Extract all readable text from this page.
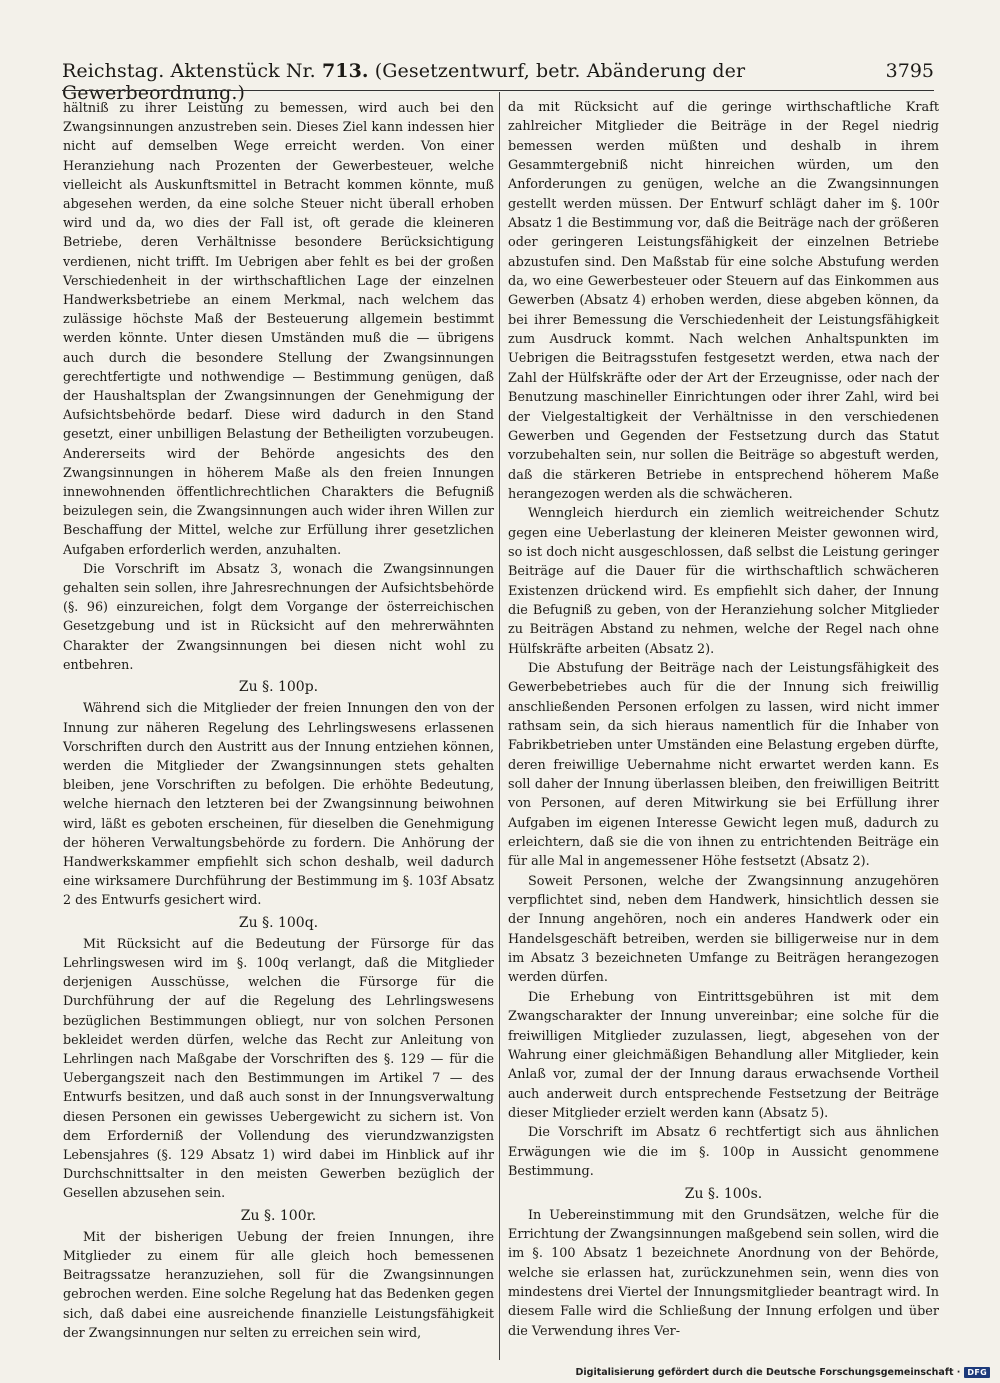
Reichstag. Aktenstück Nr. 713. (Gesetzentwurf, betr. Abänderung der Gewerbeordnung.)
3795

hältniß zu ihrer Leistung zu bemessen, wird auch bei den Zwangsinnungen anzustreben sein. Dieses Ziel kann indessen hier nicht auf demselben Wege erreicht werden. Von einer Heranziehung nach Prozenten der Gewerbesteuer, welche vielleicht als Auskunftsmittel in Betracht kommen könnte, muß abgesehen werden, da eine solche Steuer nicht überall erhoben wird und da, wo dies der Fall ist, oft gerade die kleineren Betriebe, deren Verhältnisse besondere Berücksichtigung verdienen, nicht trifft. Im Uebrigen aber fehlt es bei der großen Verschiedenheit in der wirthschaftlichen Lage der einzelnen Handwerksbetriebe an einem Merkmal, nach welchem das zulässige höchste Maß der Besteuerung allgemein bestimmt werden könnte. Unter diesen Umständen muß die — übrigens auch durch die besondere Stellung der Zwangsinnungen gerechtfertigte und nothwendige — Bestimmung genügen, daß der Haushaltsplan der Zwangsinnungen der Genehmigung der Aufsichtsbehörde bedarf. Diese wird dadurch in den Stand gesetzt, einer unbilligen Belastung der Betheiligten vorzubeugen. Andererseits wird der Behörde angesichts des den Zwangsinnungen in höherem Maße als den freien Innungen innewohnenden öffentlichrechtlichen Charakters die Befugniß beizulegen sein, die Zwangsinnungen auch wider ihren Willen zur Beschaffung der Mittel, welche zur Erfüllung ihrer gesetzlichen Aufgaben erforderlich werden, anzuhalten.

Die Vorschrift im Absatz 3, wonach die Zwangsinnungen gehalten sein sollen, ihre Jahresrechnungen der Aufsichtsbehörde (§. 96) einzureichen, folgt dem Vorgange der österreichischen Gesetzgebung und ist in Rücksicht auf den mehrerwähnten Charakter der Zwangsinnungen bei diesen nicht wohl zu entbehren.

Zu §. 100p.

Während sich die Mitglieder der freien Innungen den von der Innung zur näheren Regelung des Lehrlingswesens erlassenen Vorschriften durch den Austritt aus der Innung entziehen können, werden die Mitglieder der Zwangsinnungen stets gehalten bleiben, jene Vorschriften zu befolgen. Die erhöhte Bedeutung, welche hiernach den letzteren bei der Zwangsinnung beiwohnen wird, läßt es geboten erscheinen, für dieselben die Genehmigung der höheren Verwaltungsbehörde zu fordern. Die Anhörung der Handwerkskammer empfiehlt sich schon deshalb, weil dadurch eine wirksamere Durchführung der Bestimmung im §. 103f Absatz 2 des Entwurfs gesichert wird.

Zu §. 100q.

Mit Rücksicht auf die Bedeutung der Fürsorge für das Lehrlingswesen wird im §. 100q verlangt, daß die Mitglieder derjenigen Ausschüsse, welchen die Fürsorge für die Durchführung der auf die Regelung des Lehrlingswesens bezüglichen Bestimmungen obliegt, nur von solchen Personen bekleidet werden dürfen, welche das Recht zur Anleitung von Lehrlingen nach Maßgabe der Vorschriften des §. 129 — für die Uebergangszeit nach den Bestimmungen im Artikel 7 — des Entwurfs besitzen, und daß auch sonst in der Innungsverwaltung diesen Personen ein gewisses Uebergewicht zu sichern ist. Von dem Erforderniß der Vollendung des vierundzwanzigsten Lebensjahres (§. 129 Absatz 1) wird dabei im Hinblick auf ihr Durchschnittsalter in den meisten Gewerben bezüglich der Gesellen abzusehen sein.

Zu §. 100r.

Mit der bisherigen Uebung der freien Innungen, ihre Mitglieder zu einem für alle gleich hoch bemessenen Beitragssatze heranzuziehen, soll für die Zwangsinnungen gebrochen werden. Eine solche Regelung hat das Bedenken gegen sich, daß dabei eine ausreichende finanzielle Leistungsfähigkeit der Zwangsinnungen nur selten zu erreichen sein wird,

da mit Rücksicht auf die geringe wirthschaftliche Kraft zahlreicher Mitglieder die Beiträge in der Regel niedrig bemessen werden müßten und deshalb in ihrem Gesammtergebniß nicht hinreichen würden, um den Anforderungen zu genügen, welche an die Zwangsinnungen gestellt werden müssen. Der Entwurf schlägt daher im §. 100r Absatz 1 die Bestimmung vor, daß die Beiträge nach der größeren oder geringeren Leistungsfähigkeit der einzelnen Betriebe abzustufen sind. Den Maßstab für eine solche Abstufung werden da, wo eine Gewerbesteuer oder Steuern auf das Einkommen aus Gewerben (Absatz 4) erhoben werden, diese abgeben können, da bei ihrer Bemessung die Verschiedenheit der Leistungsfähigkeit zum Ausdruck kommt. Nach welchen Anhaltspunkten im Uebrigen die Beitragsstufen festgesetzt werden, etwa nach der Zahl der Hülfskräfte oder der Art der Erzeugnisse, oder nach der Benutzung maschineller Einrichtungen oder ihrer Zahl, wird bei der Vielgestaltigkeit der Verhältnisse in den verschiedenen Gewerben und Gegenden der Festsetzung durch das Statut vorzubehalten sein, nur sollen die Beiträge so abgestuft werden, daß die stärkeren Betriebe in entsprechend höherem Maße herangezogen werden als die schwächeren.

Wenngleich hierdurch ein ziemlich weitreichender Schutz gegen eine Ueberlastung der kleineren Meister gewonnen wird, so ist doch nicht ausgeschlossen, daß selbst die Leistung geringer Beiträge auf die Dauer für die wirthschaftlich schwächeren Existenzen drückend wird. Es empfiehlt sich daher, der Innung die Befugniß zu geben, von der Heranziehung solcher Mitglieder zu Beiträgen Abstand zu nehmen, welche der Regel nach ohne Hülfskräfte arbeiten (Absatz 2).

Die Abstufung der Beiträge nach der Leistungsfähigkeit des Gewerbebetriebes auch für die der Innung sich freiwillig anschließenden Personen erfolgen zu lassen, wird nicht immer rathsam sein, da sich hieraus namentlich für die Inhaber von Fabrikbetrieben unter Umständen eine Belastung ergeben dürfte, deren freiwillige Uebernahme nicht erwartet werden kann. Es soll daher der Innung überlassen bleiben, den freiwilligen Beitritt von Personen, auf deren Mitwirkung sie bei Erfüllung ihrer Aufgaben im eigenen Interesse Gewicht legen muß, dadurch zu erleichtern, daß sie die von ihnen zu entrichtenden Beiträge ein für alle Mal in angemessener Höhe festsetzt (Absatz 2).

Soweit Personen, welche der Zwangsinnung anzugehören verpflichtet sind, neben dem Handwerk, hinsichtlich dessen sie der Innung angehören, noch ein anderes Handwerk oder ein Handelsgeschäft betreiben, werden sie billigerweise nur in dem im Absatz 3 bezeichneten Umfange zu Beiträgen herangezogen werden dürfen.

Die Erhebung von Eintrittsgebühren ist mit dem Zwangscharakter der Innung unvereinbar; eine solche für die freiwilligen Mitglieder zuzulassen, liegt, abgesehen von der Wahrung einer gleichmäßigen Behandlung aller Mitglieder, kein Anlaß vor, zumal der der Innung daraus erwachsende Vortheil auch anderweit durch entsprechende Festsetzung der Beiträge dieser Mitglieder erzielt werden kann (Absatz 5).

Die Vorschrift im Absatz 6 rechtfertigt sich aus ähnlichen Erwägungen wie die im §. 100p in Aussicht genommene Bestimmung.

Zu §. 100s.

In Uebereinstimmung mit den Grundsätzen, welche für die Errichtung der Zwangsinnungen maßgebend sein sollen, wird die im §. 100 Absatz 1 bezeichnete Anordnung von der Behörde, welche sie erlassen hat, zurückzunehmen sein, wenn dies von mindestens drei Viertel der Innungsmitglieder beantragt wird. In diesem Falle wird die Schließung der Innung erfolgen und über die Verwendung ihres Ver-

Digitalisierung gefördert durch die Deutsche Forschungsgemeinschaft · DFG
